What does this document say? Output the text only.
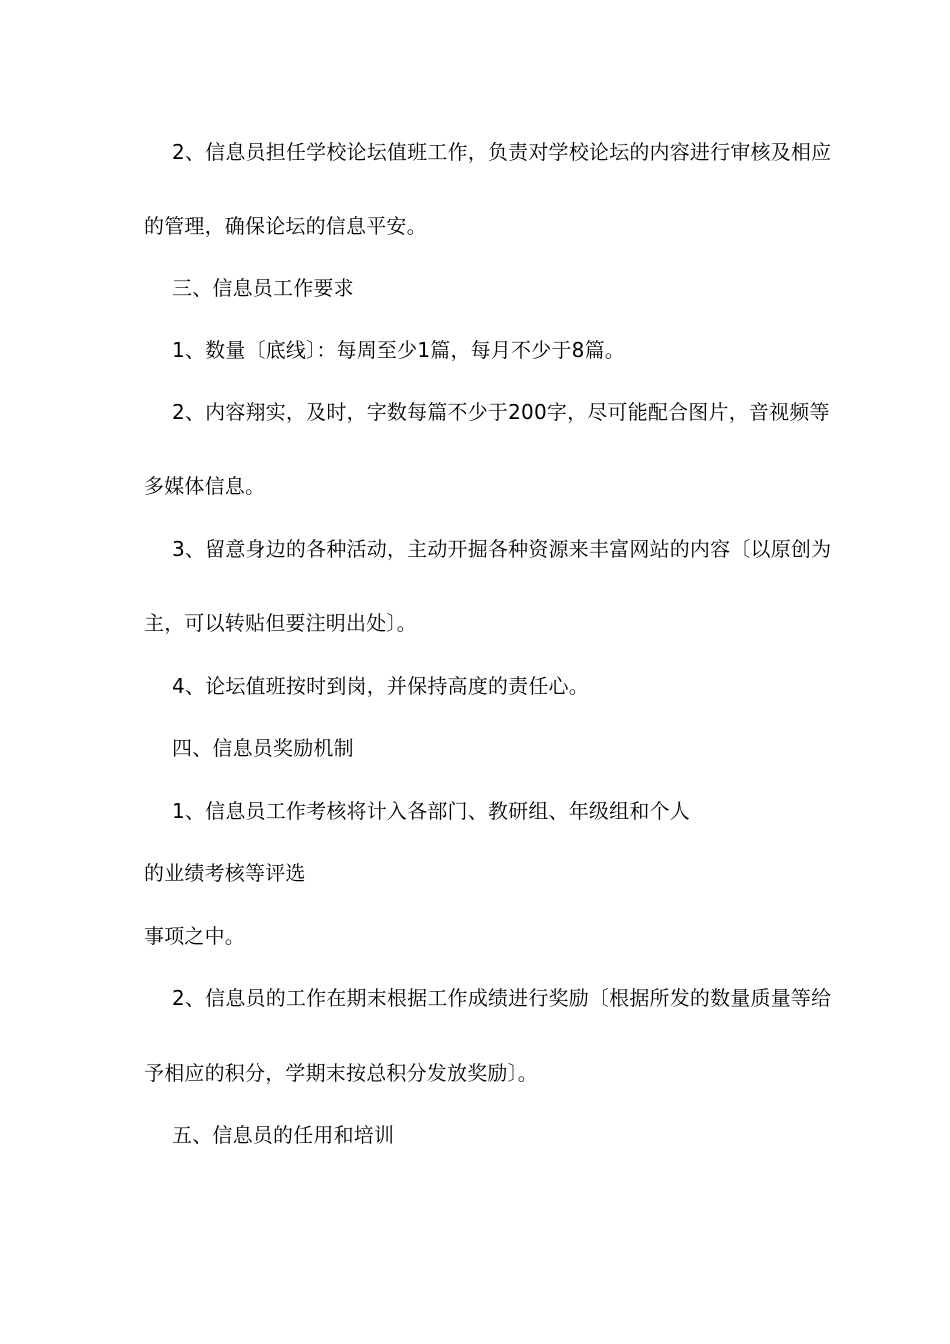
2、信息员担任学校论坛值班工作，负责对学校论坛的内容进行审核及相应
的管理，确保论坛的信息平安。
三、信息员工作要求
1、数量〔底线〕：每周至少1篇，每月不少于8篇。
2、内容翔实，及时，字数每篇不少于200字，尽可能配合图片，音视频等
多媒体信息。
3、留意身边的各种活动，主动开掘各种资源来丰富网站的内容〔以原创为
主，可以转贴但要注明出处〕。
4、论坛值班按时到岗，并保持高度的责任心。
四、信息员奖励机制
1、信息员工作考核将计入各部门、教研组、年级组和个人
的业绩考核等评选
事项之中。
2、信息员的工作在期末根据工作成绩进行奖励〔根据所发的数量质量等给
予相应的积分，学期末按总积分发放奖励〕。
五、信息员的任用和培训
